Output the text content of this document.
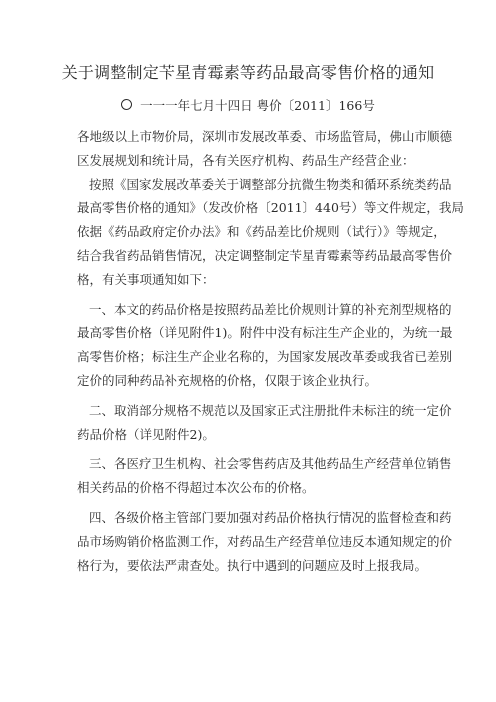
关于调整制定苄星青霉素等药品最高零售价格的通知
一一一年七月十四日 粤价〔2011〕166号
各地级以上市物价局，深圳市发展改革委、市场监管局，佛山市顺德
区发展规划和统计局，各有关医疗机构、药品生产经营企业：
按照《国家发展改革委关于调整部分抗微生物类和循环系统类药品
最高零售价格的通知》（发改价格〔2011〕440号）等文件规定，我局
依据《药品政府定价办法》和《药品差比价规则（试行）》等规定，
结合我省药品销售情况，决定调整制定苄星青霉素等药品最高零售价
格，有关事项通知如下：
一、本文的药品价格是按照药品差比价规则计算的补充剂型规格的
最高零售价格（详见附件1)。附件中没有标注生产企业的，为统一最
高零售价格；标注生产企业名称的，为国家发展改革委或我省已差别
定价的同种药品补充规格的价格，仅限于该企业执行。
二、取消部分规格不规范以及国家正式注册批件未标注的统一定价
药品价格（详见附件2)。
三、各医疗卫生机构、社会零售药店及其他药品生产经营单位销售
相关药品的价格不得超过本次公布的价格。
四、各级价格主管部门要加强对药品价格执行情况的监督检查和药
品市场购销价格监测工作，对药品生产经营单位违反本通知规定的价
格行为，要依法严肃查处。执行中遇到的问题应及时上报我局。
